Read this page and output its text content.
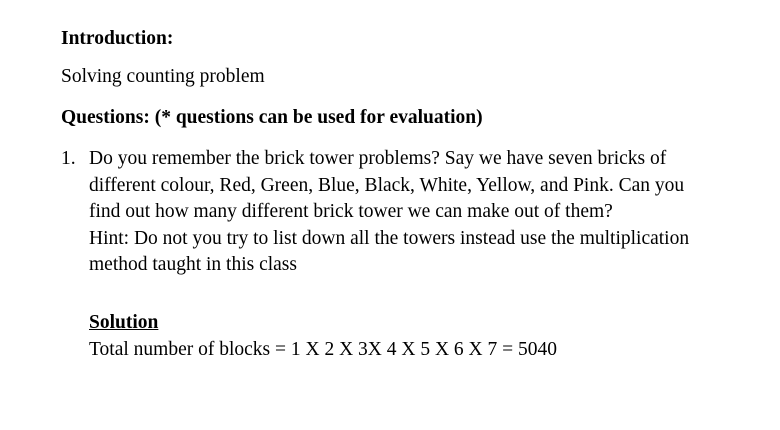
Introduction:
Solving counting problem
Questions: (* questions can be used for evaluation)
1. Do you remember the brick tower problems? Say we have seven bricks of
different colour, Red, Green, Blue, Black, White, Yellow, and Pink. Can you
find out how many different brick tower we can make out of them?
Hint: Do not you try to list down all the towers instead use the multiplication
method taught in this class
Solution
Total number of blocks = 1 X 2 X 3X 4 X 5 X 6 X 7 = 5040
